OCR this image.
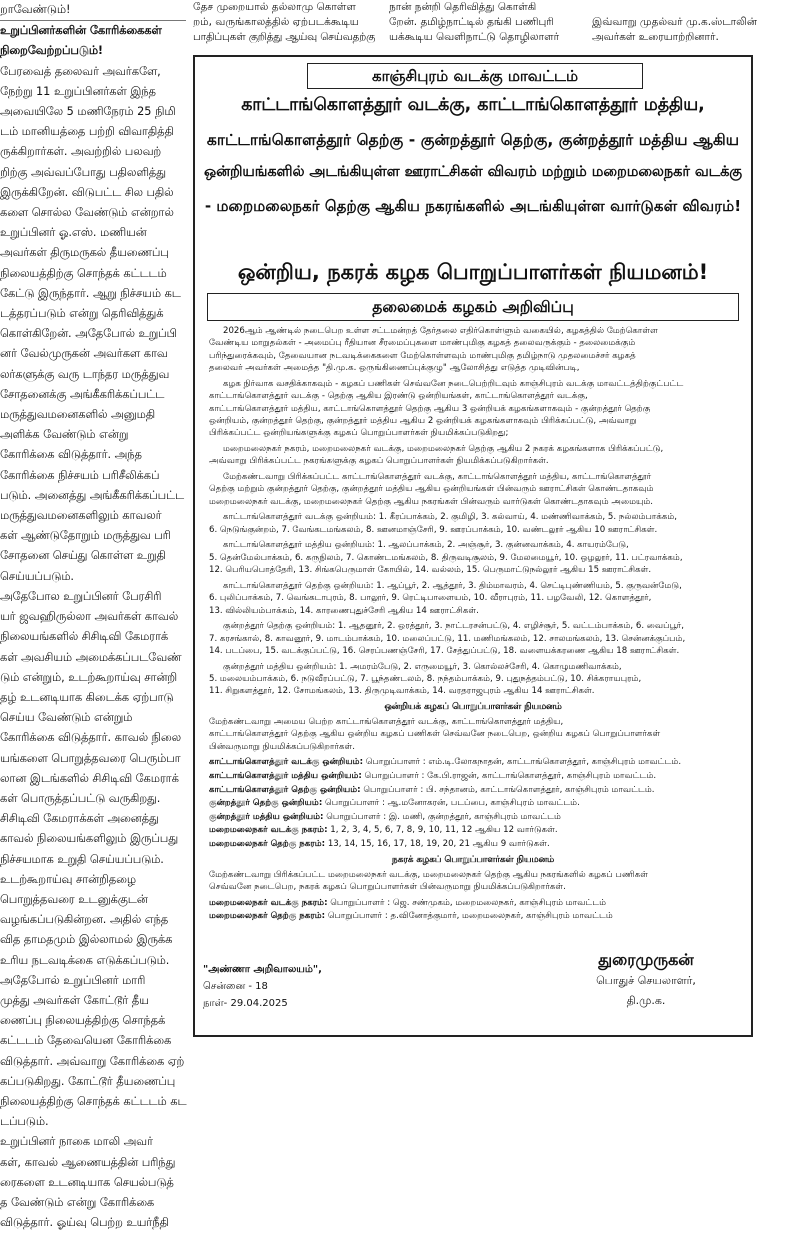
றாவேண்டும்!

உறுப்பினர்களின் கோரிக்கைகள்

நிறைவேற்றப்படும்!

பேரவைத் தலைவர் அவர்களே,

நேற்று 11 உறுப்பினர்கள் இந்த

அவையிலே 5 மணிநேரம் 25 நிமி

டம் மானியத்தை பற்றி விவாதித்தி

ருக்கிறார்கள். அவற்றில் பலவற்

றிற்கு அவ்வப்போது பதிலளித்து

இருக்கிறேன். விடுபட்ட சில பதில்

களை சொல்ல வேண்டும் என்றால்

உறுப்பினர் ஓ.எஸ். மணியன்

அவர்கள் திருமருகல் தீயணைப்பு

நிலையத்திற்கு சொந்தக் கட்டடம்

கேட்டு இருந்தார். ஆறு நிச்சயம் கட

டத்தரப்படும் என்று தெரிவித்துக்

கொள்கிறேன். அதேபோல் உறுப்பி

னர் வேல்முருகன் அவர்கள காவ

லர்களுக்கு வரு டாந்தர மருத்துவ

சோதனைக்கு அங்கீகரிக்கப்பட்ட

மருத்துவமனைகளில் அனுமதி

அளிக்க வேண்டும் என்று

கோரிக்கை விடுத்தார். அந்த

கோரிக்கை நிச்சயம் பரிசீலிக்கப்

படும். அனைத்து அங்கீகரிக்கப்பட்ட

மருத்துவமனைகளிலும் காவலர்

கள் ஆண்டுதோறும் மருத்துவ பரி

சோதனை செய்து கொள்ள உறுதி

செய்யப்படும்.

அதேபோல உறுப்பினர் பேரசிரி

யர் ஜவஹிருல்லா அவர்கள் காவல்

நிலையங்களில் சிசிடிவி கேமராக்

கள் அவசியம் அமைக்கப்படவேண்

டும் என்றும், உடற்கூறாய்வு சான்றி

தழ் உடனடியாக கிடைக்க ஏற்பாடு

செய்ய வேண்டும் என்றும்

கோரிக்கை விடுத்தார். காவல் நிலை

யங்களை பொறுத்தவரை பெரும்பா

லான இடங்களில் சிசிடிவி கேமராக்

கள் பொருத்தப்பட்டு வருகிறது.

சிசிடிவி கேமராக்கள் அனைத்து

காவல் நிலையங்களிலும் இருப்பது

நிச்சயமாக உறுதி செய்யப்படும்.

உடற்கூறாய்வு சான்றிதழை

பொறுத்தவரை உடனுக்குடன்

வழங்கப்படுகின்றன. அதில் எந்த

வித தாமதமும் இல்லாமல் இருக்க

உரிய நடவடிக்கை எடுக்கப்படும்.

அதேபோல் உறுப்பினர் மாரி

முத்து அவர்கள் கோட்டூர் தீய

ணைப்பு நிலையத்திற்கு சொந்தக்

கட்டடம் தேவையென கோரிக்கை

விடுத்தார். அவ்வாறு கோரிக்கை ஏற்

கப்படுகிறது. கோட்டூர் தீயணைப்பு

நிலையத்திற்கு சொந்தக் கட்டடம் கட

டப்படும்.

உறுப்பினர் நாகை மாலி அவர்

கள், காவல் ஆணையத்தின் பரிந்து

ரைகளை உடனடியாக செயல்படுத்

த வேண்டும் என்று கோரிக்கை

விடுத்தார். ஓய்வு பெற்ற உயர்நீதி

தேச முறையால் தல்லாமு கொள்ள
றம், வருங்காலத்தில் ஏற்படக்கூடிய
பாதிப்புகள் குறித்து ஆய்வு செய்வதற்கு
நான் நன்றி தெரிவித்து கொள்கி
றேன். தமிழ்நாட்டில் தங்கி பணிபுரி
யக்கூடிய வெளிநாட்டு தொழிலாளர்
இவ்வாறு முதல்வர் மு.க.ஸ்டாலின்
அவர்கள் உரையாற்றினார்.
காஞ்சிபுரம் வடக்கு மாவட்டம்
காட்டாங்கொளத்தூர் வடக்கு, காட்டாங்கொளத்தூர் மத்திய,
காட்டாங்கொளத்தூர் தெற்கு - குன்றத்தூர் தெற்கு, குன்றத்தூர் மத்திய ஆகிய
ஒன்றியங்களில் அடங்கியுள்ள ஊராட்சிகள் விவரம் மற்றும் மறைமலைநகர் வடக்கு
- மறைமலைநகர் தெற்கு ஆகிய நகரங்களில் அடங்கியுள்ள வார்டுகள் விவரம்!
ஒன்றிய, நகரக் கழக பொறுப்பாளர்கள் நியமனம்!
தலைமைக் கழகம் அறிவிப்பு

2026ஆம் ஆண்டில் நடைபெற உள்ள சட்டமன்றத் தேர்தலை எதிர்கொள்ளும் வகையில், கழகத்தில் மேற்கொள்ள
வேண்டிய மாறுதல்கள் - அமைப்பு ரீதியான சீரமைப்புகளை மாண்புமிகு கழகத் தலைவருக்கும் - தலைமைக்கும்
பரிந்துரைக்கவும், தேவையான நடவடிக்கைகளை மேற்கொள்ளவும் மாண்புமிகு தமிழ்நாடு முதலமைச்சர் கழகத்
தலைவர் அவர்கள் அமைத்த "தி.மு.க. ஒருங்கிணைப்புக்குழு" ஆலோசித்து எடுத்த முடிவின்படி,

கழக நிர்வாக வசதிக்காகவும் - கழகப் பணிகள் செவ்வனே நடைபெற்றிடவும் காஞ்சிபுரம் வடக்கு மாவட்டத்திற்குட்பட்ட
காட்டாங்கொளத்தூர் வடக்கு - தெற்கு ஆகிய இரண்டு ஒன்றியங்கள், காட்டாங்கொளத்தூர் வடக்கு,
காட்டாங்கொளத்தூர் மத்திய, காட்டாங்கொளத்தூர் தெற்கு ஆகிய 3 ஒன்றியக் கழகங்களாகவும் - குன்றத்தூர் தெற்கு
ஒன்றியம், குன்றத்தூர் தெற்கு, குன்றத்தூர் மத்திய ஆகிய 2 ஒன்றியக் கழகங்களாகவும் பிரிக்கப்பட்டு, அவ்வாறு
பிரிக்கப்பட்ட ஒன்றியங்களுக்கு கழகப் பொறுப்பாளர்கள் நியமிக்கப்படுகிறது;

மறைமலைநகர் நகரம், மறைமலைநகர் வடக்கு, மறைமலைநகர் தெற்கு ஆகிய 2 நகரக் கழகங்களாக பிரிக்கப்பட்டு,
அவ்வாறு பிரிக்கப்பட்ட நகரங்களுக்கு கழகப் பொறுப்பாளர்கள் நியமிக்கப்படுகிறார்கள்.

மேற்கண்டவாறு பிரிக்கப்பட்ட காட்டாங்கொளத்தூர் வடக்கு, காட்டாங்கொளத்தூர் மத்திய, காட்டாங்கொளத்தூர்
தெற்கு மற்றும் குன்றத்தூர் தெற்கு, குன்றத்தூர் மத்திய ஆகிய ஒன்றியங்கள் பின்வரும் ஊராட்சிகள் கொண்டதாகவும்
மறைமலைநகர் வடக்கு, மறைமலைநகர் தெற்கு ஆகிய நகரங்கள் பின்வரும் வார்டுகள் கொண்டதாகவும் அமையும்.

காட்டாங்கொளத்தூர் வடக்கு ஒன்றியம்: 1. கீரப்பாக்கம், 2. குமிழி, 3. கல்வாய், 4. மண்ணிவாக்கம், 5. நல்லம்பாக்கம்,
6. நெடுங்குன்றம், 7. வேங்கடமங்கலம், 8. ஊனமாஞ்சேரி, 9. ஊரப்பாக்கம், 10. வண்டலூர் ஆகிய 10 ஊராட்சிகள்.

காட்டாங்கொளத்தூர் மத்திய ஒன்றியம்: 1. ஆலப்பாக்கம், 2. அஞ்சூர், 3. குன்னவாக்கம், 4. காயரம்பேடு,
5. தென்மேல்பாக்கம், 6. கருநிலம், 7. கொண்டமங்கலம், 8. திருவடிசூலம், 9. மேலமையூர், 10. ஒழலூர், 11. பட்ரவாக்கம்,
12. பெரியபொத்தேரி, 13. சிங்கபெருமாள் கோயில், 14. வல்லம், 15. பெருமாட்டுநல்லூர் ஆகிய 15 ஊராட்சிகள்.

காட்டாங்கொளத்தூர் தெற்கு ஒன்றியம்: 1. ஆப்பூர், 2. ஆத்தூர், 3. திம்மாவரம், 4. செட்டிபுண்ணியம், 5. குருவன்மேடு,
6. புலிப்பாக்கம், 7. வெங்கடாபுரம், 8. பாலூர், 9. ரெட்டிபாளையம், 10. வீராபுரம், 11. பழவேலி, 12. கொளத்தூர்,
13. வில்லியம்பாக்கம், 14. காரணைபுதுச்சேரி ஆகிய 14 ஊராட்சிகள்.

குன்றத்தூர் தெற்கு ஒன்றியம்: 1. ஆதனூர், 2. ஒரத்தூர், 3. நாட்டரசன்பட்டு, 4. எழிச்சூர், 5. வட்டம்பாக்கம், 6. வைப்பூர்,
7. கரசங்கால், 8. காவனூர், 9. மாடம்பாக்கம், 10. மலைப்பட்டு, 11. மணிமங்கலம், 12. சாலமங்கலம், 13. சென்னக்குப்பம்,
14. படப்பை, 15. வடக்குப்பட்டு, 16. செரப்பணஞ்சேரி, 17. சேத்துப்பட்டு, 18. வளையக்கரணை ஆகிய 18 ஊராட்சிகள்.

குன்றத்தூர் மத்திய ஒன்றியம்: 1. அமரம்பேடு, 2. எருமையூர், 3. கொல்லச்சேரி, 4. கொழுமணிவாக்கம்,
5. மலையம்பாக்கம், 6. நடுவீரப்பட்டு, 7. பூந்தண்டலம், 8. நந்தம்பாக்கம், 9. புதுநத்தம்பட்டு, 10. சிக்கராயபுரம்,
11. சிறுகளத்தூர், 12. சோமங்கலம், 13. திருமுடிவாக்கம், 14. வரதராஜபுரம் ஆகிய 14 ஊராட்சிகள்.

ஒன்றியக் கழகப் பொறுப்பாளர்கள் நியமனம்

மேற்கண்டவாறு அமைய பெற்ற காட்டாங்கொளத்தூர் வடக்கு, காட்டாங்கொளத்தூர் மத்திய,
காட்டாங்கொளத்தூர் தெற்கு ஆகிய ஒன்றிய கழகப் பணிகள் செவ்வனே நடைபெற, ஒன்றிய கழகப் பொறுப்பாளர்கள்
பின்வருமாறு நியமிக்கப்படுகிறார்கள்.

காட்டாங்கொளத்தூர் வடக்கு ஒன்றியம்: பொறுப்பாளர் : எம்.டி.லோகநாதன், காட்டாங்கொளத்தூர், காஞ்சிபுரம் மாவட்டம்.
காட்டாங்கொளத்தூர் மத்திய ஒன்றியம்: பொறுப்பாளர் : கே.பி.ராஜன், காட்டாங்கொளத்தூர், காஞ்சிபுரம் மாவட்டம்.
காட்டாங்கொளத்தூர் தெற்கு ஒன்றியம்: பொறுப்பாளர் : பி. சந்தானம், காட்டாங்கொளத்தூர், காஞ்சிபுரம் மாவட்டம்.
குன்றத்தூர் தெற்கு ஒன்றியம்: பொறுப்பாளர் : ஆ.மனோகரன், படப்பை, காஞ்சிபுரம் மாவட்டம்.
குன்றத்தூர் மத்திய ஒன்றியம்: பொறுப்பாளர் : இ. மணி, குன்றத்தூர், காஞ்சிபுரம் மாவட்டம்
மறைமலைநகர் வடக்கு நகரம்: 1, 2, 3, 4, 5, 6, 7, 8, 9, 10, 11, 12 ஆகிய 12 வார்டுகள்.
மறைமலைநகர் தெற்கு நகரம்: 13, 14, 15, 16, 17, 18, 19, 20, 21 ஆகிய 9 வார்டுகள்.
நகரக் கழகப் பொறுப்பாளர்கள் நியமனம்

மேற்கண்டவாறு பிரிக்கப்பட்ட மறைமலைநகர் வடக்கு, மறைமலைநகர் தெற்கு ஆகிய நகரங்களில் கழகப் பணிகள்
செவ்வனே நடைபெற, நகரக் கழகப் பொறுப்பாளர்கள் பின்வருமாறு நியமிக்கப்படுகிறார்கள்.

மறைமலைநகர் வடக்கு நகரம்: பொறுப்பாளர் : ஜெ. சண்முகம், மறைமலைநகர், காஞ்சிபுரம் மாவட்டம்
மறைமலைநகர் தெற்கு நகரம்: பொறுப்பாளர் : த.வினோத்குமார், மறைமலைநகர், காஞ்சிபுரம் மாவட்டம்
"அண்ணா அறிவாலயம்",
சென்னை - 18
நாள்- 29.04.2025
துரைமுருகன்
பொதுச் செயலாளர்,
தி.மு.க.
